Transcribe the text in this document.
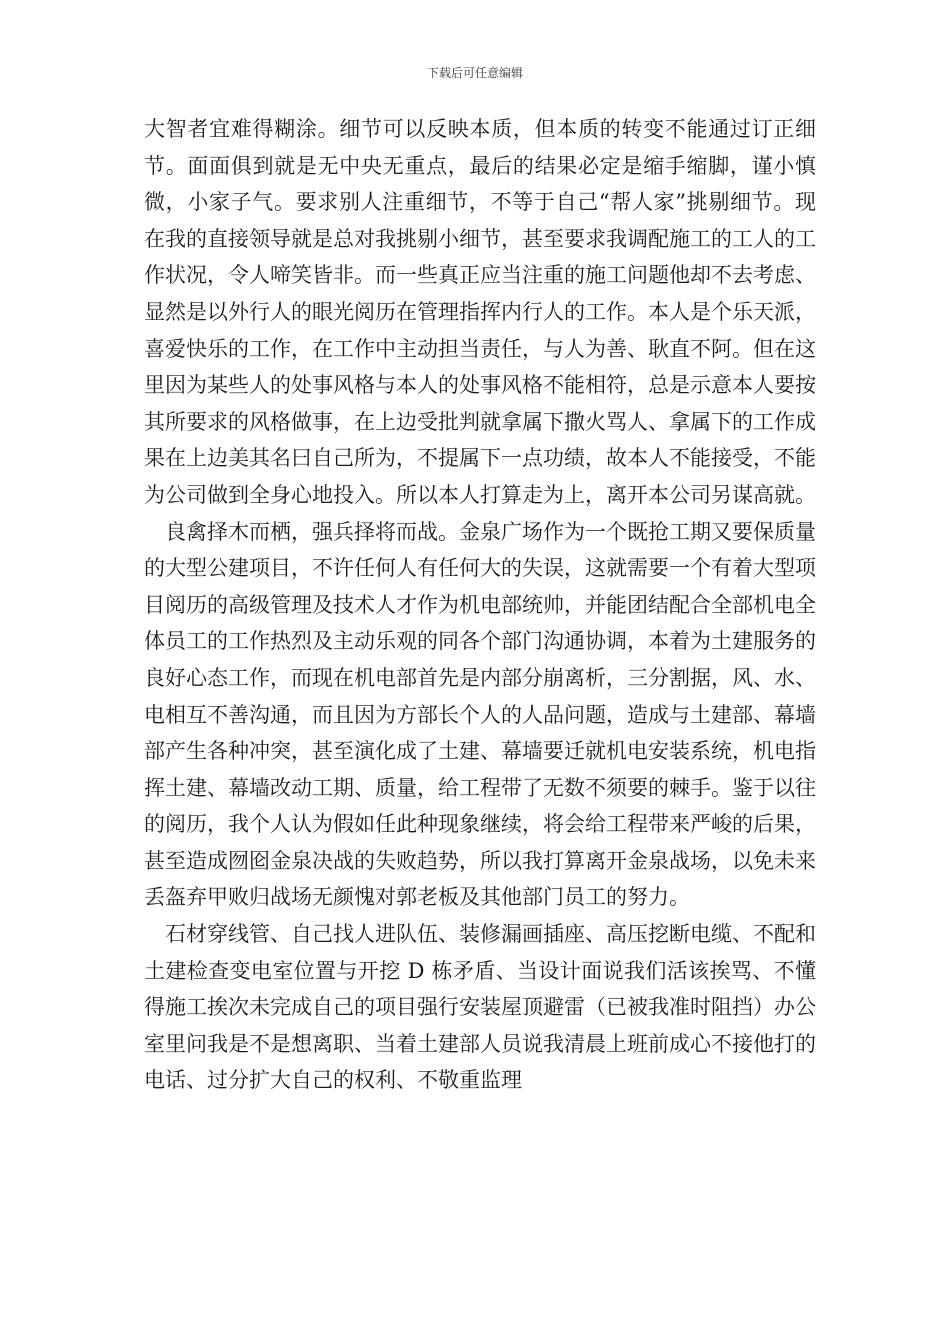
下载后可任意编辑

大智者宜难得糊涂。细节可以反映本质，但本质的转变不能通过订正细节。面面俱到就是无中央无重点，最后的结果必定是缩手缩脚，谨小慎微，小家子气。要求别人注重细节，不等于自己“帮人家”挑剔细节。现在我的直接领导就是总对我挑剔小细节，甚至要求我调配施工的工人的工作状况，令人啼笑皆非。而一些真正应当注重的施工问题他却不去考虑、显然是以外行人的眼光阅历在管理指挥内行人的工作。本人是个乐天派，喜爱快乐的工作，在工作中主动担当责任，与人为善、耿直不阿。但在这里因为某些人的处事风格与本人的处事风格不能相符，总是示意本人要按其所要求的风格做事，在上边受批判就拿属下撒火骂人、拿属下的工作成果在上边美其名曰自己所为，不提属下一点功绩，故本人不能接受，不能为公司做到全身心地投入。所以本人打算走为上，离开本公司另谋高就。

良禽择木而栖，强兵择将而战。金泉广场作为一个既抢工期又要保质量的大型公建项目，不许任何人有任何大的失误，这就需要一个有着大型项目阅历的高级管理及技术人才作为机电部统帅，并能团结配合全部机电全体员工的工作热烈及主动乐观的同各个部门沟通协调，本着为土建服务的良好心态工作，而现在机电部首先是内部分崩离析，三分割据，风、水、电相互不善沟通，而且因为方部长个人的人品问题，造成与土建部、幕墙部产生各种冲突，甚至演化成了土建、幕墙要迁就机电安装系统，机电指挥土建、幕墙改动工期、质量，给工程带了无数不须要的棘手。鉴于以往的阅历，我个人认为假如任此种现象继续，将会给工程带来严峻的后果，甚至造成囫囵金泉决战的失败趋势，所以我打算离开金泉战场，以免未来丢盔弃甲败归战场无颜愧对郭老板及其他部门员工的努力。

石材穿线管、自己找人进队伍、装修漏画插座、高压挖断电缆、不配和土建检查变电室位置与开挖 D 栋矛盾、当设计面说我们活该挨骂、不懂得施工挨次未完成自己的项目强行安装屋顶避雷（已被我准时阻挡）办公室里问我是不是想离职、当着土建部人员说我清晨上班前成心不接他打的电话、过分扩大自己的权利、不敬重监理
